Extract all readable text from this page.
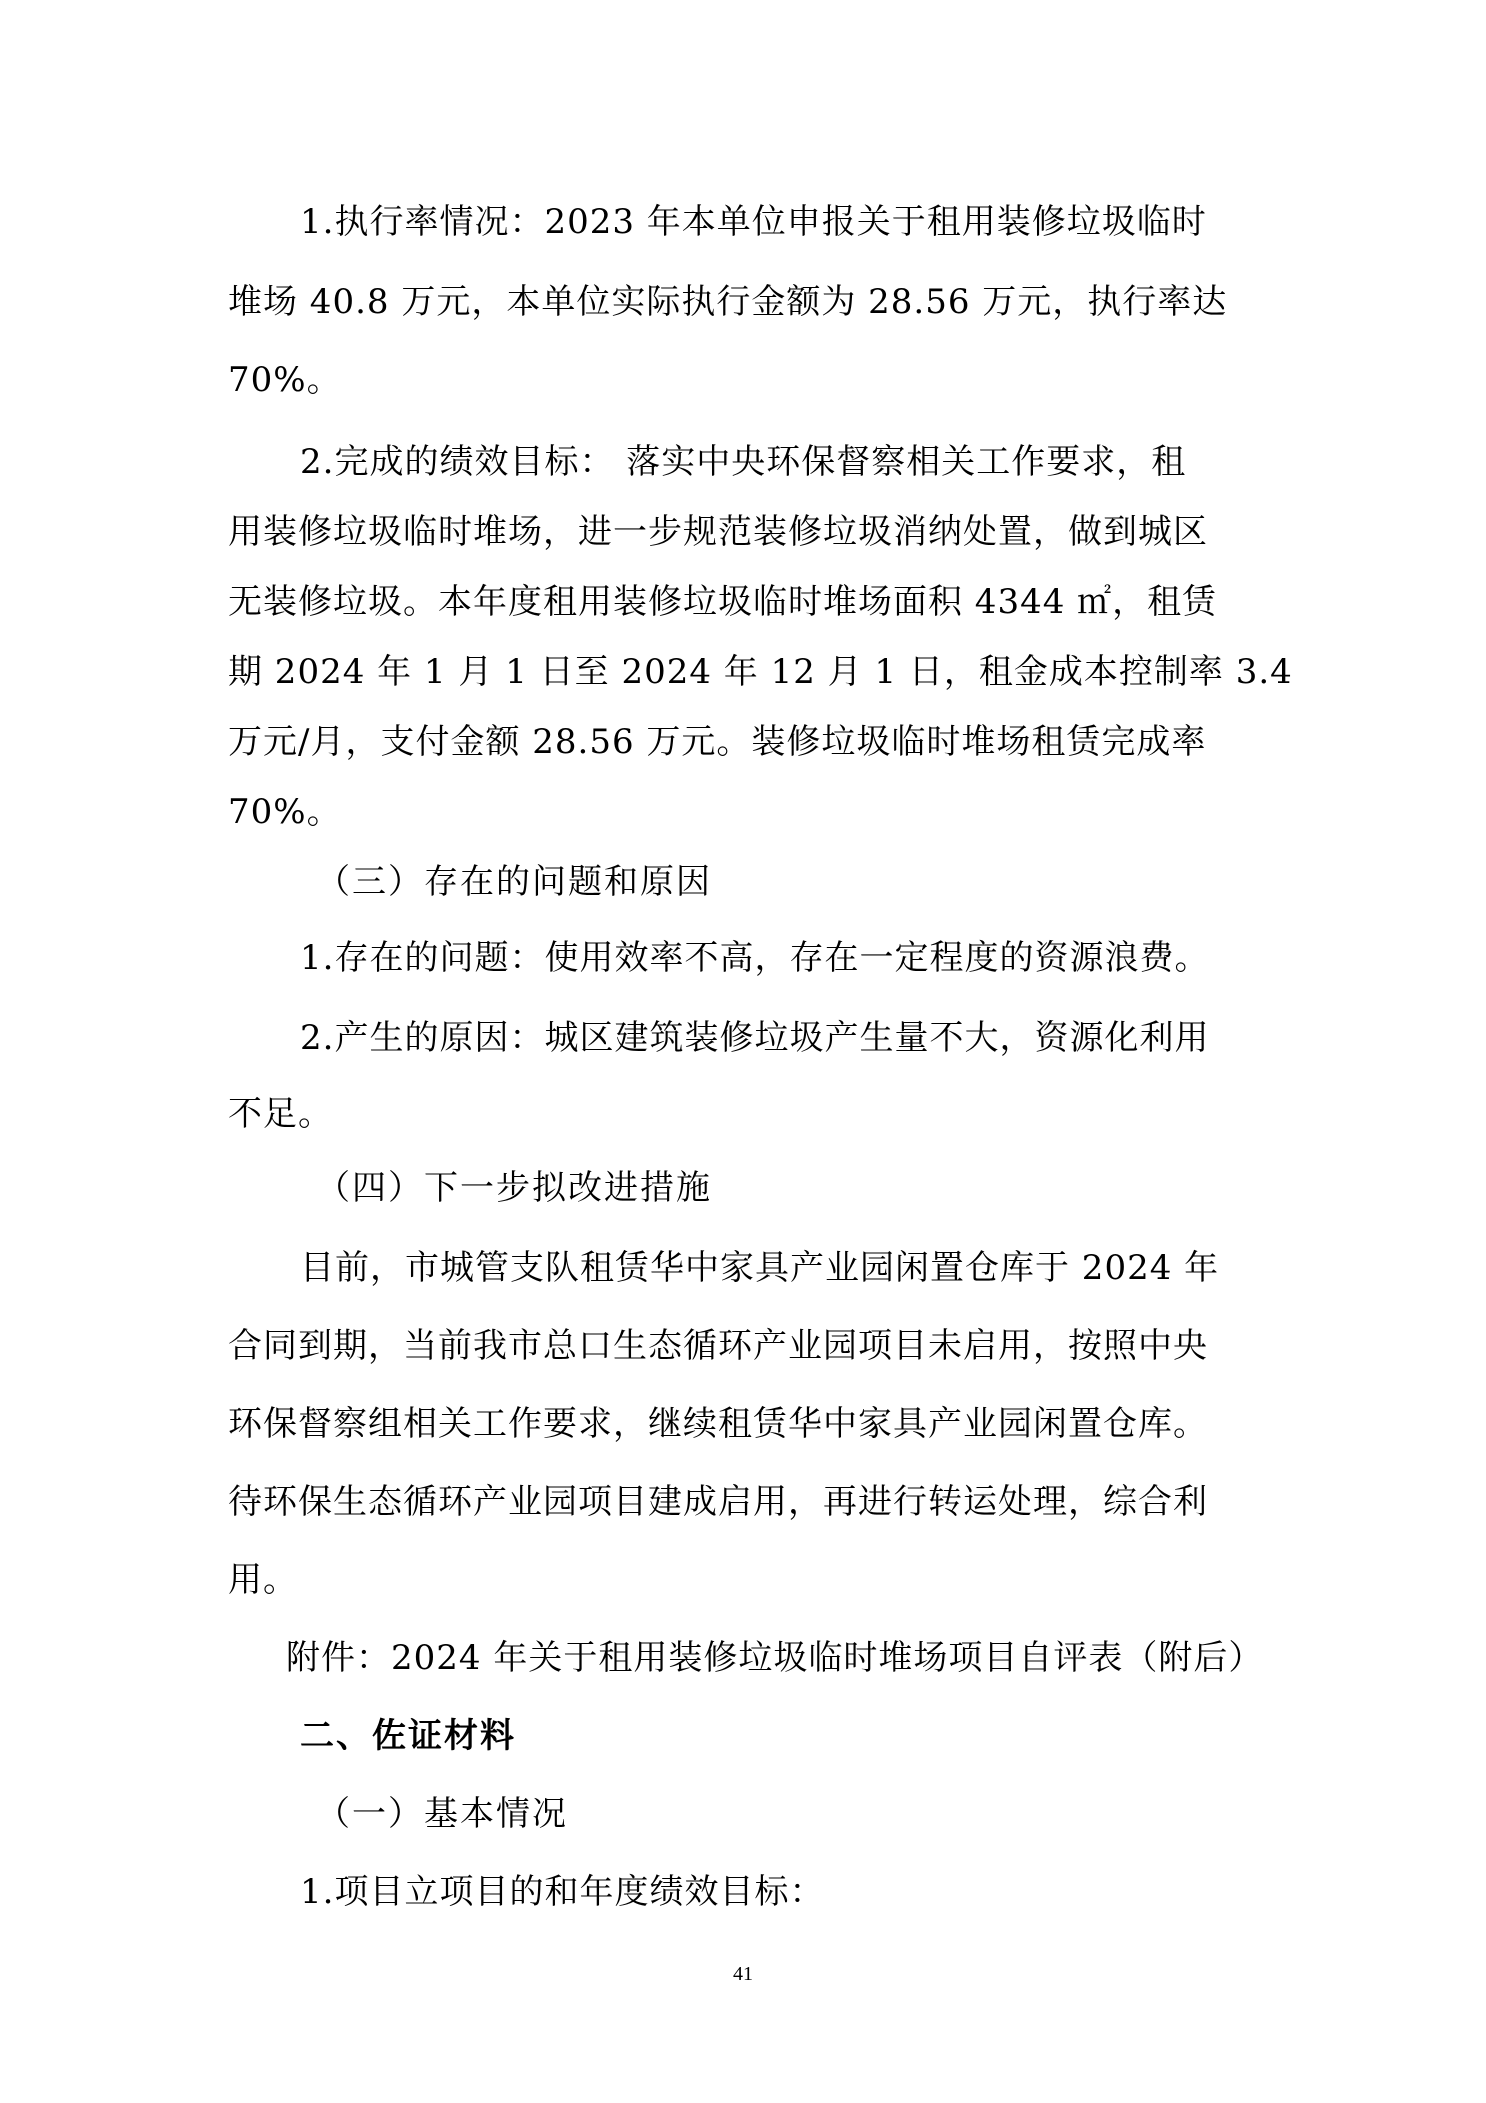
1.执行率情况：2023 年本单位申报关于租用装修垃圾临时
堆场 40.8 万元，本单位实际执行金额为 28.56 万元，执行率达
70%。
2.完成的绩效目标： 落实中央环保督察相关工作要求，租
用装修垃圾临时堆场，进一步规范装修垃圾消纳处置，做到城区
无装修垃圾。本年度租用装修垃圾临时堆场面积 4344 ㎡，租赁
期 2024 年 1 月 1 日至 2024 年 12 月 1 日，租金成本控制率 3.4
万元/月，支付金额 28.56 万元。装修垃圾临时堆场租赁完成率
70%。
（三）存在的问题和原因
1.存在的问题：使用效率不高，存在一定程度的资源浪费。
2.产生的原因：城区建筑装修垃圾产生量不大，资源化利用
不足。
（四）下一步拟改进措施
目前，市城管支队租赁华中家具产业园闲置仓库于 2024 年
合同到期，当前我市总口生态循环产业园项目未启用，按照中央
环保督察组相关工作要求，继续租赁华中家具产业园闲置仓库。
待环保生态循环产业园项目建成启用，再进行转运处理，综合利
用。
附件：2024 年关于租用装修垃圾临时堆场项目自评表（附后）
二、佐证材料
（一）基本情况
1.项目立项目的和年度绩效目标：
41
